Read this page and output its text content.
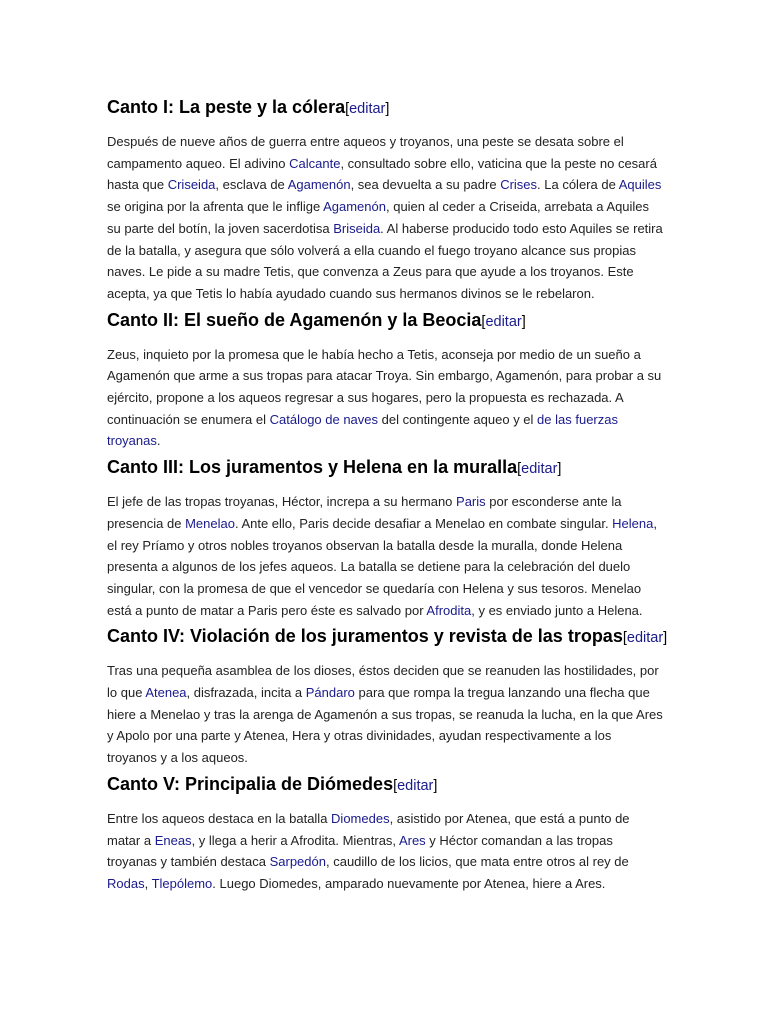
Canto I: La peste y la cólera[editar]

Después de nueve años de guerra entre aqueos y troyanos, una peste se desata sobre el campamento aqueo. El adivino Calcante, consultado sobre ello, vaticina que la peste no cesará hasta que Criseida, esclava de Agamenón, sea devuelta a su padre Crises. La cólera de Aquiles se origina por la afrenta que le inflige Agamenón, quien al ceder a Criseida, arrebata a Aquiles su parte del botín, la joven sacerdotisa Briseida. Al haberse producido todo esto Aquiles se retira de la batalla, y asegura que sólo volverá a ella cuando el fuego troyano alcance sus propias naves. Le pide a su madre Tetis, que convenza a Zeus para que ayude a los troyanos. Este acepta, ya que Tetis lo había ayudado cuando sus hermanos divinos se le rebelaron.

Canto II: El sueño de Agamenón y la Beocia[editar]

Zeus, inquieto por la promesa que le había hecho a Tetis, aconseja por medio de un sueño a Agamenón que arme a sus tropas para atacar Troya. Sin embargo, Agamenón, para probar a su ejército, propone a los aqueos regresar a sus hogares, pero la propuesta es rechazada. A continuación se enumera el Catálogo de naves del contingente aqueo y el de las fuerzas troyanas.

Canto III: Los juramentos y Helena en la muralla[editar]

El jefe de las tropas troyanas, Héctor, increpa a su hermano Paris por esconderse ante la presencia de Menelao. Ante ello, Paris decide desafiar a Menelao en combate singular. Helena, el rey Príamo y otros nobles troyanos observan la batalla desde la muralla, donde Helena presenta a algunos de los jefes aqueos. La batalla se detiene para la celebración del duelo singular, con la promesa de que el vencedor se quedaría con Helena y sus tesoros. Menelao está a punto de matar a Paris pero éste es salvado por Afrodita, y es enviado junto a Helena.

Canto IV: Violación de los juramentos y revista de las tropas[editar]

Tras una pequeña asamblea de los dioses, éstos deciden que se reanuden las hostilidades, por lo que Atenea, disfrazada, incita a Pándaro para que rompa la tregua lanzando una flecha que hiere a Menelao y tras la arenga de Agamenón a sus tropas, se reanuda la lucha, en la que Ares y Apolo por una parte y Atenea, Hera y otras divinidades, ayudan respectivamente a los troyanos y a los aqueos.

Canto V: Principalia de Diómedes[editar]

Entre los aqueos destaca en la batalla Diomedes, asistido por Atenea, que está a punto de matar a Eneas, y llega a herir a Afrodita. Mientras, Ares y Héctor comandan a las tropas troyanas y también destaca Sarpedón, caudillo de los licios, que mata entre otros al rey de Rodas, Tlepólemo. Luego Diomedes, amparado nuevamente por Atenea, hiere a Ares.
